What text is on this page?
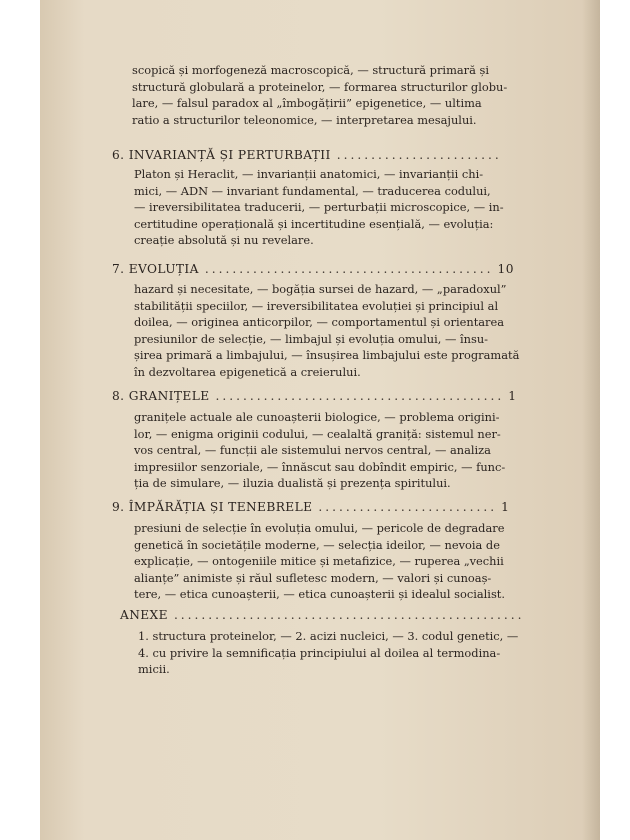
scopică și morfogeneză macroscopică, — structură primară și
structură globulară a proteinelor, — formarea structurilor globu-
lare, — falsul paradox al „îmbogățirii” epigenetice, — ultima
ratio a structurilor teleonomice, — interpretarea mesajului.

6. INVARIANȚĂ ȘI PERTURBAȚII ........................

Platon și Heraclit, — invarianții anatomici, — invarianții chi-
mici, — ADN — invariant fundamental, — traducerea codului,
— ireversibilitatea traducerii, — perturbații microscopice, — in-
certitudine operațională și incertitudine esențială, — evoluția:
creație absolută și nu revelare.

7. EVOLUȚIA .......................................... 10

hazard și necesitate, — bogăția sursei de hazard, — „paradoxul”
stabilității speciilor, — ireversibilitatea evoluției și principiul al
doilea, — originea anticorpilor, — comportamentul și orientarea
presiunilor de selecție, — limbajul și evoluția omului, — însu-
șirea primară a limbajului, — însușirea limbajului este programată
în dezvoltarea epigenetică a creierului.

8. GRANIȚELE .......................................... 1

granițele actuale ale cunoașterii biologice, — problema origini-
lor, — enigma originii codului, — cealaltă graniță: sistemul ner-
vos central, — funcții ale sistemului nervos central, — analiza
impresiilor senzoriale, — înnăscut sau dobîndit empiric, — func-
ția de simulare, — iluzia dualistă și prezența spiritului.

9. ÎMPĂRĂȚIA ȘI TENEBRELE .......................... 1

presiuni de selecție în evoluția omului, — pericole de degradare
genetică în societățile moderne, — selecția ideilor, — nevoia de
explicație, — ontogeniile mitice și metafizice, — ruperea „vechii
alianțe” animiste și răul sufletesc modern, — valori și cunoaș-
tere, — etica cunoașterii, — etica cunoașterii și idealul socialist.

ANEXE ...................................................

1. structura proteinelor, — 2. acizi nucleici, — 3. codul genetic, —
4. cu privire la semnificația principiului al doilea al termodina-
micii.
